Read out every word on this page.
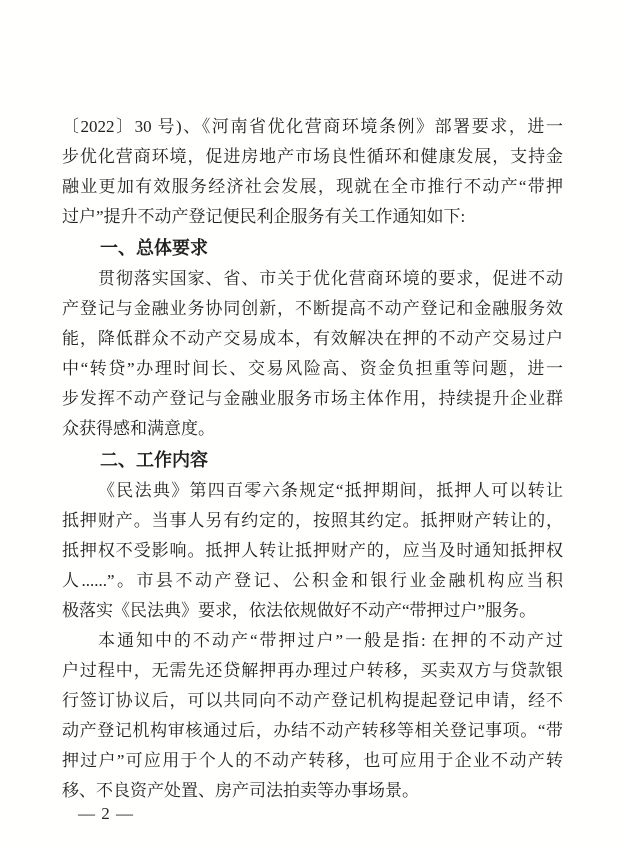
〔2022〕30 号)、《河南省优化营商环境条例》部署要求，进一
步优化营商环境，促进房地产市场良性循环和健康发展，支持金
融业更加有效服务经济社会发展，现就在全市推行不动产“带押
过户”提升不动产登记便民利企服务有关工作通知如下:
一、总体要求
贯彻落实国家、省、市关于优化营商环境的要求，促进不动
产登记与金融业务协同创新，不断提高不动产登记和金融服务效
能，降低群众不动产交易成本，有效解决在押的不动产交易过户
中“转贷”办理时间长、交易风险高、资金负担重等问题，进一
步发挥不动产登记与金融业服务市场主体作用，持续提升企业群
众获得感和满意度。
二、工作内容
《民法典》第四百零六条规定“抵押期间，抵押人可以转让
抵押财产。当事人另有约定的，按照其约定。抵押财产转让的，
抵押权不受影响。抵押人转让抵押财产的，应当及时通知抵押权
人......”。市县不动产登记、公积金和银行业金融机构应当积
极落实《民法典》要求，依法依规做好不动产“带押过户”服务。
本通知中的不动产“带押过户”一般是指: 在押的不动产过
户过程中，无需先还贷解押再办理过户转移，买卖双方与贷款银
行签订协议后，可以共同向不动产登记机构提起登记申请，经不
动产登记机构审核通过后，办结不动产转移等相关登记事项。“带
押过户”可应用于个人的不动产转移，也可应用于企业不动产转
移、不良资产处置、房产司法拍卖等办事场景。
— 2 —
